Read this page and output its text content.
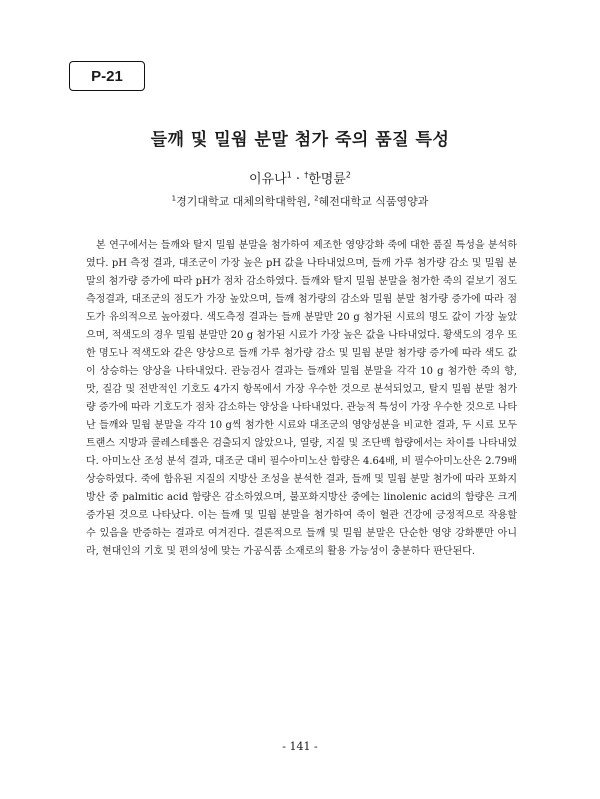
P-21
들깨 및 밀웜 분말 첨가 죽의 품질 특성
이유나$^1$ · †한명륜$^2$
$^1$경기대학교 대체의학대학원, $^2$혜전대학교 식품영양과

본 연구에서는 들깨와 탈지 밀웜 분말을 첨가하여 제조한 영양강화 죽에 대한 품질 특성을 분석하였다. pH 측정 결과, 대조군이 가장 높은 pH 값을 나타내었으며, 들깨 가루 첨가량 감소 및 밀웜 분말의 첨가량 증가에 따라 pH가 점차 감소하였다. 들깨와 탈지 밀웜 분말을 첨가한 죽의 겉보기 점도 측정결과, 대조군의 점도가 가장 높았으며, 들깨 첨가량의 감소와 밀웜 분말 첨가량 증가에 따라 점도가 유의적으로 높아졌다. 색도측정 결과는 들깨 분말만 20 g 첨가된 시료의 명도 값이 가장 높았으며, 적색도의 경우 밀웜 분말만 20 g 첨가된 시료가 가장 높은 값을 나타내었다. 황색도의 경우 또한 명도나 적색도와 같은 양상으로 들깨 가루 첨가량 감소 및 밀웜 분말 첨가량 증가에 따라 색도 값이 상승하는 양상을 나타내었다. 관능검사 결과는 들깨와 밀웜 분말을 각각 10 g 첨가한 죽의 향, 맛, 질감 및 전반적인 기호도 4가지 항목에서 가장 우수한 것으로 분석되었고, 탈지 밀웜 분말 첨가량 증가에 따라 기호도가 점차 감소하는 양상을 나타내었다. 관능적 특성이 가장 우수한 것으로 나타난 들깨와 밀웜 분말을 각각 10 g씩 첨가한 시료와 대조군의 영양성분을 비교한 결과, 두 시료 모두 트랜스 지방과 콜레스테롤은 검출되지 않았으나, 열량, 지질 및 조단백 함량에서는 차이를 나타내었다. 아미노산 조성 분석 결과, 대조군 대비 필수아미노산 함량은 4.64배, 비 필수아미노산은 2.79배 상승하였다. 죽에 함유된 지질의 지방산 조성을 분석한 결과, 들깨 및 밀웜 분말 첨가에 따라 포화지방산 중 palmitic acid 함량은 감소하였으며, 불포화지방산 중에는 linolenic acid의 함량은 크게 증가된 것으로 나타났다. 이는 들깨 및 밀웜 분말을 첨가하여 죽이 혈관 건강에 긍정적으로 작용할 수 있음을 반증하는 결과로 여겨진다. 결론적으로 들깨 및 밀웜 분말은 단순한 영양 강화뿐만 아니라, 현대인의 기호 및 편의성에 맞는 가공식품 소재로의 활용 가능성이 충분하다 판단된다.

- 141 -
